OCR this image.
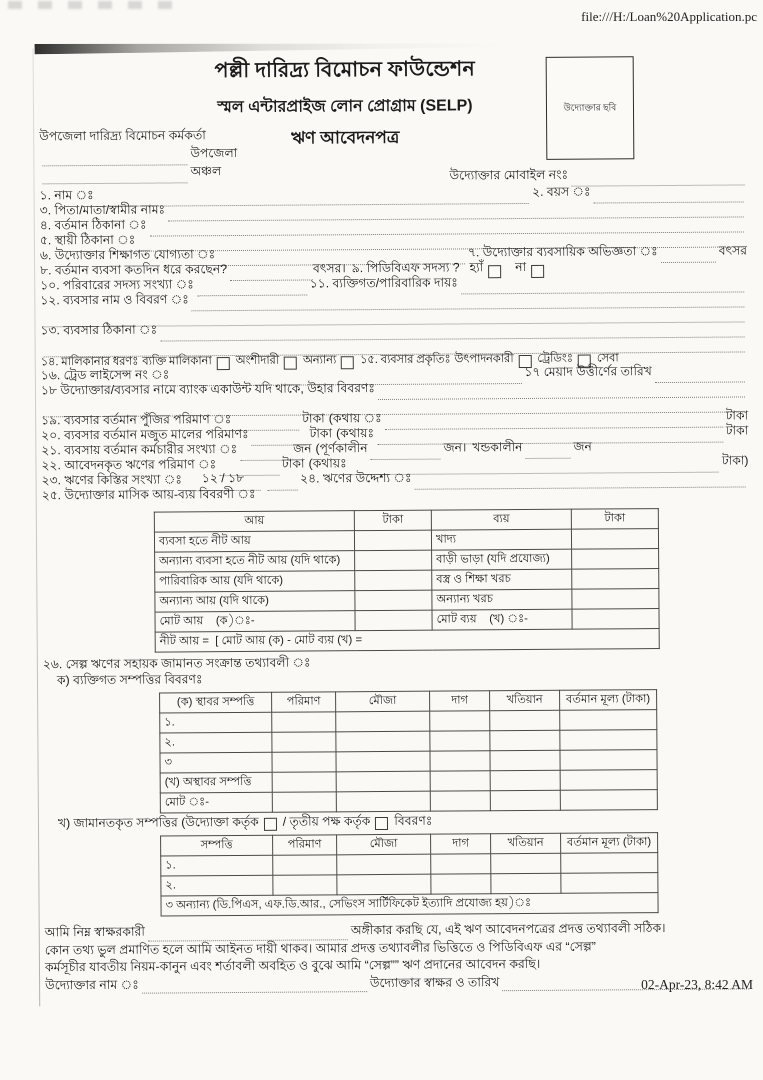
file:///H:/Loan%20Application.pc
পল্লী দারিদ্র্য বিমোচন ফাউন্ডেশন
স্মল এন্টারপ্রাইজ লোন প্রোগ্রাম (SELP)
ঋণ আবেদনপত্র
উদ্যোক্তার ছবি
উপজেলা দারিদ্র্য বিমোচন কর্মকর্তা
উপজেলা
অঞ্চল	উদ্যোক্তার মোবাইল নংঃ
১. নাম ঃ	২. বয়স ঃ
৩. পিতা/মাতা/স্বামীর নামঃ
৪. বর্তমান ঠিকানা ঃ
৫. স্থায়ী ঠিকানা ঃ
৬. উদ্যোক্তার শিক্ষাগত যোগ্যতা ঃ	৭. উদ্যোক্তার ব্যবসায়িক অভিজ্ঞতা ঃ	বৎসর
৮. বর্তমান ব্যবসা কতদিন ধরে করছেন?	বৎসর। ৯. পিডিবিএফ সদস্য ? হ্যাঁ	না
১০. পরিবারের সদস্য সংখ্যা ঃ	১১. ব্যক্তিগত/পারিবারিক দায়ঃ
১২. ব্যবসার নাম ও বিবরণ ঃ
১৩. ব্যবসার ঠিকানা ঃ
১৪. মালিকানার ধরণঃ ব্যক্তি মালিকানা অংশীদারী অন্যান্য ১৫. ব্যবসার প্রকৃতিঃ উৎপাদনকারী ট্রেডিংঃ সেবা
১৬. ট্রেড লাইসেন্স নং ঃ	১৭ মেয়াদ উত্তীর্ণের তারিখ
১৮ উদ্যোক্তার/ব্যবসার নামে ব্যাংক একাউন্ট যদি থাকে, উহার বিবরণঃ
১৯. ব্যবসার বর্তমান পুঁজির পরিমাণ ঃ	টাকা (কথায় ঃ	টাকা
২০. ব্যবসার বর্তমান মজুত মালের পরিমাণঃ	টাকা (কথায়ঃ	টাকা
২১. ব্যবসায় বর্তমান কর্মচারীর সংখ্যা ঃ	জন (পূর্ণকালীন	জন। খন্ডকালীন	জন
২২. আবেদনকৃত ঋণের পরিমাণ ঃ	টাকা (কথায়ঃ	টাকা)
২৩. ঋণের কিস্তির সংখ্যা ঃ	১২ / ১৮	২৪. ঋণের উদ্দেশ্য ঃ
২৫. উদ্যোক্তার মাসিক আয়-ব্যয় বিবরণী ঃ
আয়	টাকা	ব্যয়	টাকা
ব্যবসা হতে নীট আয়		খাদ্য	
অন্যান্য ব্যবসা হতে নীট আয় (যদি থাকে)		বাড়ী ভাড়া (যদি প্রযোজ্য)	
পারিবারিক আয় (যদি থাকে)		বস্ত্র ও শিক্ষা খরচ	
অন্যান্য আয় (যদি থাকে)		অন্যান্য খরচ	
মোট আয়    (ক)ঃ-		মোট ব্যয়    (খ) ঃ-	
নীট আয় =  [ মোট আয় (ক) - মোট ব্যয় (খ) =			
২৬. সেল্প ঋণের সহায়ক জামানত সংক্রান্ত তথ্যাবলী ঃ
ক) ব্যক্তিগত সম্পত্তির বিবরণঃ
(ক) স্থাবর সম্পত্তি	পরিমাণ	মৌজা	দাগ	খতিয়ান	বর্তমান মূল্য (টাকা)
১.					
২.					
৩					
(খ) অস্থাবর সম্পত্তি					
মোট ঃ-					
খ) জামানতকৃত সম্পত্তির (উদ্যোক্তা কর্তৃক / তৃতীয় পক্ষ কর্তৃক বিবরণঃ
সম্পত্তি	পরিমাণ	মৌজা	দাগ	খতিয়ান	বর্তমান মূল্য (টাকা)
১.					
২.					
৩ অন্যান্য (ডি.পিএস, এফ.ডি.আর., সেভিংস সার্টিফিকেট ইত্যাদি প্রযোজ্য হয়)ঃ					
আমি নিম্ন স্বাক্ষরকারী	অঙ্গীকার করছি যে, এই ঋণ আবেদনপত্রের প্রদত্ত তথ্যাবলী সঠিক।
কোন তথ্য ভুল প্রমাণিত হলে আমি আইনত দায়ী থাকব। আমার প্রদত্ত তথ্যাবলীর ভিত্তিতে ও পিডিবিএফ এর “সেল্প”
কর্মসূচীর যাবতীয় নিয়ম-কানুন এবং শর্তাবলী অবহিত ও বুঝে আমি “সেল্প”” ঋণ প্রদানের আবেদন করছি।
উদ্যোক্তার নাম ঃ	উদ্যোক্তার স্বাক্ষর ও তারিখ	02-Apr-23, 8:42 AM
